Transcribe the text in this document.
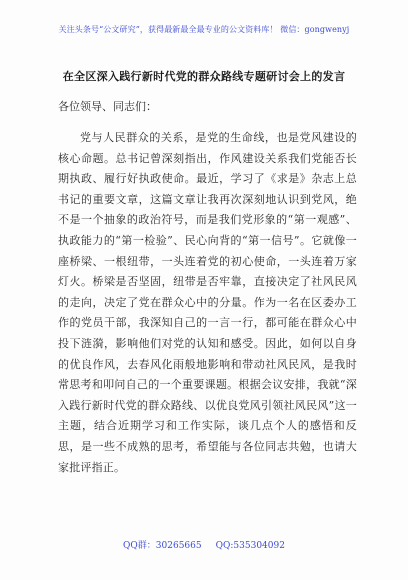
关注头条号“公文研究”，获得最新最全最专业的公文资料库！ 微信：gongwenyj
在全区深入践行新时代党的群众路线专题研讨会上的发言
各位领导、同志们：
党与人民群众的关系，是党的生命线，也是党风建设的核心命题。总书记曾深刻指出，作风建设关系我们党能否长期执政、履行好执政使命。最近，学习了《求是》杂志上总书记的重要文章，这篇文章让我再次深刻地认识到党风，绝不是一个抽象的政治符号，而是我们党形象的“第一观感”、执政能力的“第一检验”、民心向背的“第一信号”。它就像一座桥梁、一根纽带，一头连着党的初心使命，一头连着万家灯火。桥梁是否坚固，纽带是否牢靠，直接决定了社风民风的走向，决定了党在群众心中的分量。作为一名在区委办工作的党员干部，我深知自己的一言一行，都可能在群众心中投下涟漪，影响他们对党的认知和感受。因此，如何以自身的优良作风，去春风化雨般地影响和带动社风民风，是我时常思考和叩问自己的一个重要课题。根据会议安排，我就“深入践行新时代党的群众路线、以优良党风引领社风民风”这一主题，结合近期学习和工作实际，谈几点个人的感悟和反思，是一些不成熟的思考，希望能与各位同志共勉，也请大家批评指正。
QQ群：30265665 QQ:535304092
